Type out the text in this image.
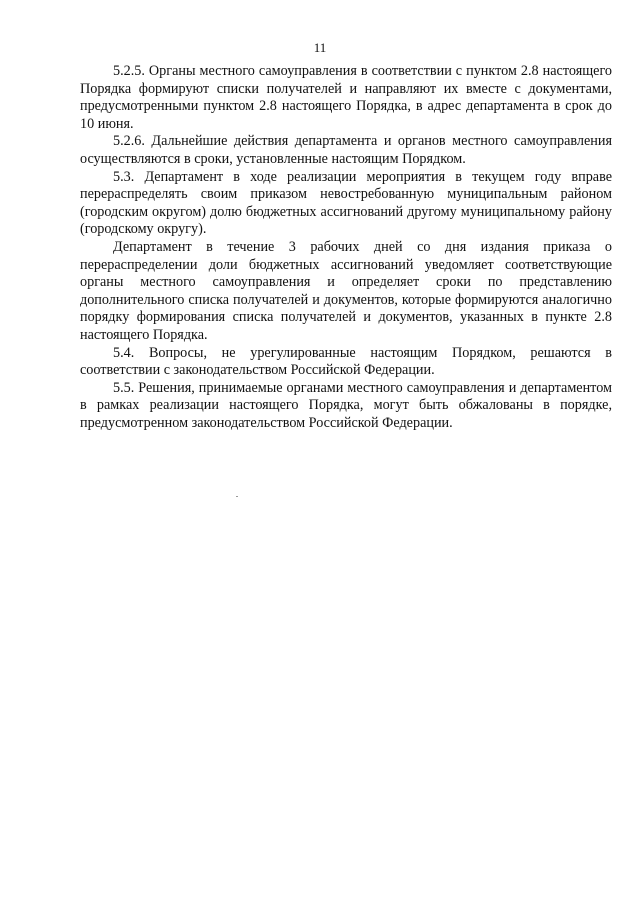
11

5.2.5. Органы местного самоуправления в соответствии с пунктом 2.8 настоящего Порядка формируют списки получателей и направляют их вместе с документами, предусмотренными пунктом 2.8 настоящего Порядка, в адрес департамента в срок до 10 июня.

5.2.6. Дальнейшие действия департамента и органов местного самоуправления осуществляются в сроки, установленные настоящим Порядком.

5.3. Департамент в ходе реализации мероприятия в текущем году вправе перераспределять своим приказом невостребованную муниципальным районом (городским округом) долю бюджетных ассигнований другому муниципальному району (городскому округу).

Департамент в течение 3 рабочих дней со дня издания приказа о перераспределении доли бюджетных ассигнований уведомляет соответствующие органы местного самоуправления и определяет сроки по представлению дополнительного списка получателей и документов, которые формируются аналогично порядку формирования списка получателей и документов, указанных в пункте 2.8 настоящего Порядка.

5.4. Вопросы, не урегулированные настоящим Порядком, решаются в соответствии с законодательством Российской Федерации.

5.5. Решения, принимаемые органами местного самоуправления и департаментом в рамках реализации настоящего Порядка, могут быть обжалованы в порядке, предусмотренном законодательством Российской Федерации.
